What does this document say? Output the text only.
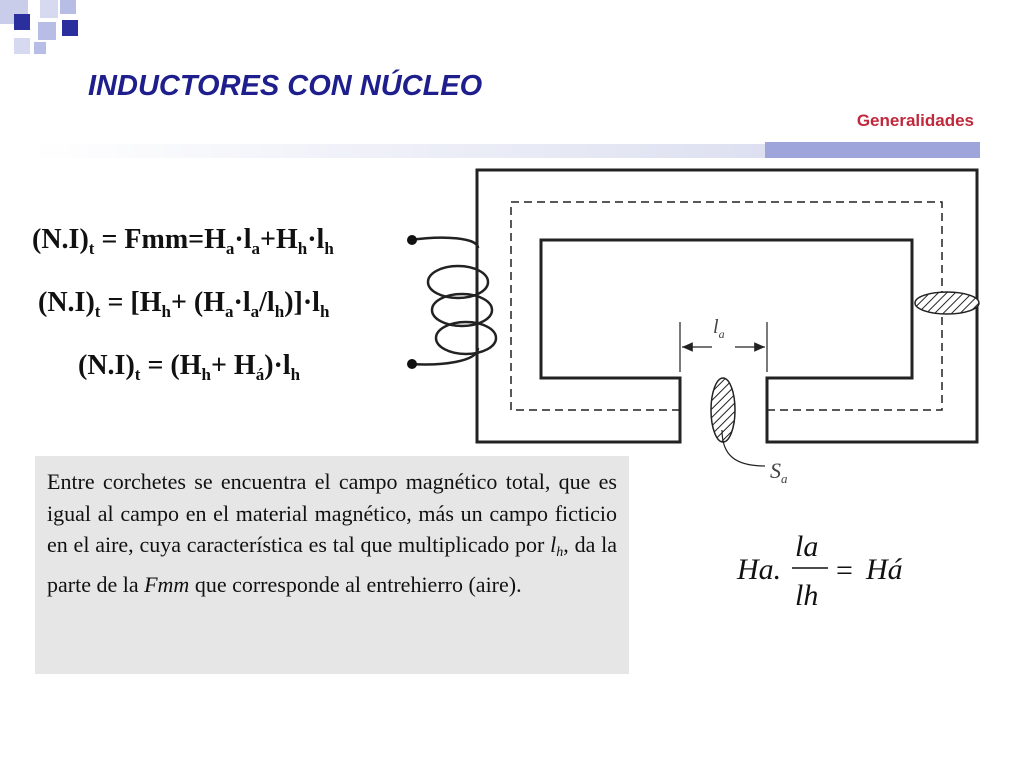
INDUCTORES CON NÚCLEO
Generalidades
$(N.I)_t = Fmm=H_a\cdot l_a+H_h\cdot l_h$
$(N.I)_t = [H_h+ (H_a\cdot l_a/l_h)]\cdot l_h$
$(N.I)_t = (H_h+ H_á)\cdot l_h$
Entre corchetes se encuentra el campo magnético total, que es igual al campo en el material magnético, más un campo ficticio en el aire, cuya característica es tal que multiplicado por $l_h$, da la parte de la Fmm que corresponde al entrehierro (aire).
$l_a$
$S_a$
Ha.
la
lh
= Há
